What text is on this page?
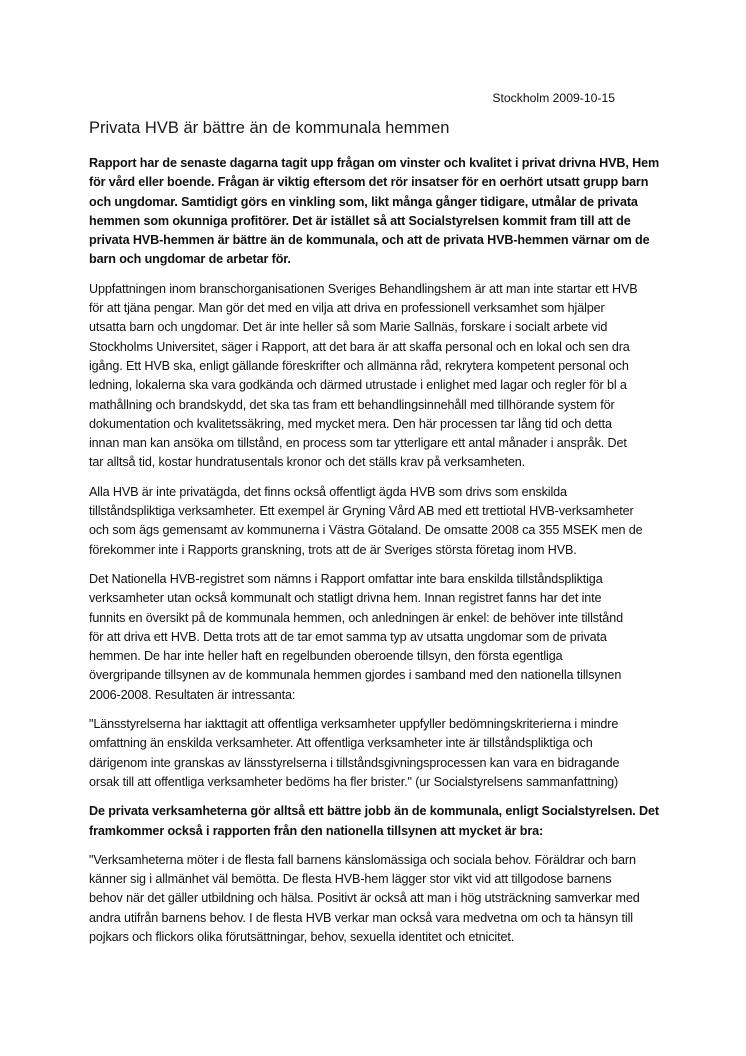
Stockholm 2009-10-15
Privata HVB är bättre än de kommunala hemmen

Rapport har de senaste dagarna tagit upp frågan om vinster och kvalitet i privat drivna HVB, Hem
för vård eller boende. Frågan är viktig eftersom det rör insatser för en oerhört utsatt grupp barn
och ungdomar. Samtidigt görs en vinkling som, likt många gånger tidigare, utmålar de privata
hemmen som okunniga profitörer. Det är istället så att Socialstyrelsen kommit fram till att de
privata HVB-hemmen är bättre än de kommunala, och att de privata HVB-hemmen värnar om de
barn och ungdomar de arbetar för.

Uppfattningen inom branschorganisationen Sveriges Behandlingshem är att man inte startar ett HVB
för att tjäna pengar. Man gör det med en vilja att driva en professionell verksamhet som hjälper
utsatta barn och ungdomar. Det är inte heller så som Marie Sallnäs, forskare i socialt arbete vid
Stockholms Universitet, säger i Rapport, att det bara är att skaffa personal och en lokal och sen dra
igång. Ett HVB ska, enligt gällande föreskrifter och allmänna råd, rekrytera kompetent personal och
ledning, lokalerna ska vara godkända och därmed utrustade i enlighet med lagar och regler för bl a
mathållning och brandskydd, det ska tas fram ett behandlingsinnehåll med tillhörande system för
dokumentation och kvalitetssäkring, med mycket mera. Den här processen tar lång tid och detta
innan man kan ansöka om tillstånd, en process som tar ytterligare ett antal månader i anspråk. Det
tar alltså tid, kostar hundratusentals kronor och det ställs krav på verksamheten.

Alla HVB är inte privatägda, det finns också offentligt ägda HVB som drivs som enskilda
tillståndspliktiga verksamheter. Ett exempel är Gryning Vård AB med ett trettiotal HVB-verksamheter
och som ägs gemensamt av kommunerna i Västra Götaland. De omsatte 2008 ca 355 MSEK men de
förekommer inte i Rapports granskning, trots att de är Sveriges största företag inom HVB.

Det Nationella HVB-registret som nämns i Rapport omfattar inte bara enskilda tillståndspliktiga
verksamheter utan också kommunalt och statligt drivna hem. Innan registret fanns har det inte
funnits en översikt på de kommunala hemmen, och anledningen är enkel: de behöver inte tillstånd
för att driva ett HVB. Detta trots att de tar emot samma typ av utsatta ungdomar som de privata
hemmen. De har inte heller haft en regelbunden oberoende tillsyn, den första egentliga
övergripande tillsynen av de kommunala hemmen gjordes i samband med den nationella tillsynen
2006-2008. Resultaten är intressanta:

"Länsstyrelserna har iakttagit att offentliga verksamheter uppfyller bedömningskriterierna i mindre
omfattning än enskilda verksamheter. Att offentliga verksamheter inte är tillståndspliktiga och
därigenom inte granskas av länsstyrelserna i tillståndsgivningsprocessen kan vara en bidragande
orsak till att offentliga verksamheter bedöms ha fler brister." (ur Socialstyrelsens sammanfattning)

De privata verksamheterna gör alltså ett bättre jobb än de kommunala, enligt Socialstyrelsen. Det
framkommer också i rapporten från den nationella tillsynen att mycket är bra:

"Verksamheterna möter i de flesta fall barnens känslomässiga och sociala behov. Föräldrar och barn
känner sig i allmänhet väl bemötta. De flesta HVB-hem lägger stor vikt vid att tillgodose barnens
behov när det gäller utbildning och hälsa. Positivt är också att man i hög utsträckning samverkar med
andra utifrån barnens behov. I de flesta HVB verkar man också vara medvetna om och ta hänsyn till
pojkars och flickors olika förutsättningar, behov, sexuella identitet och etnicitet.
